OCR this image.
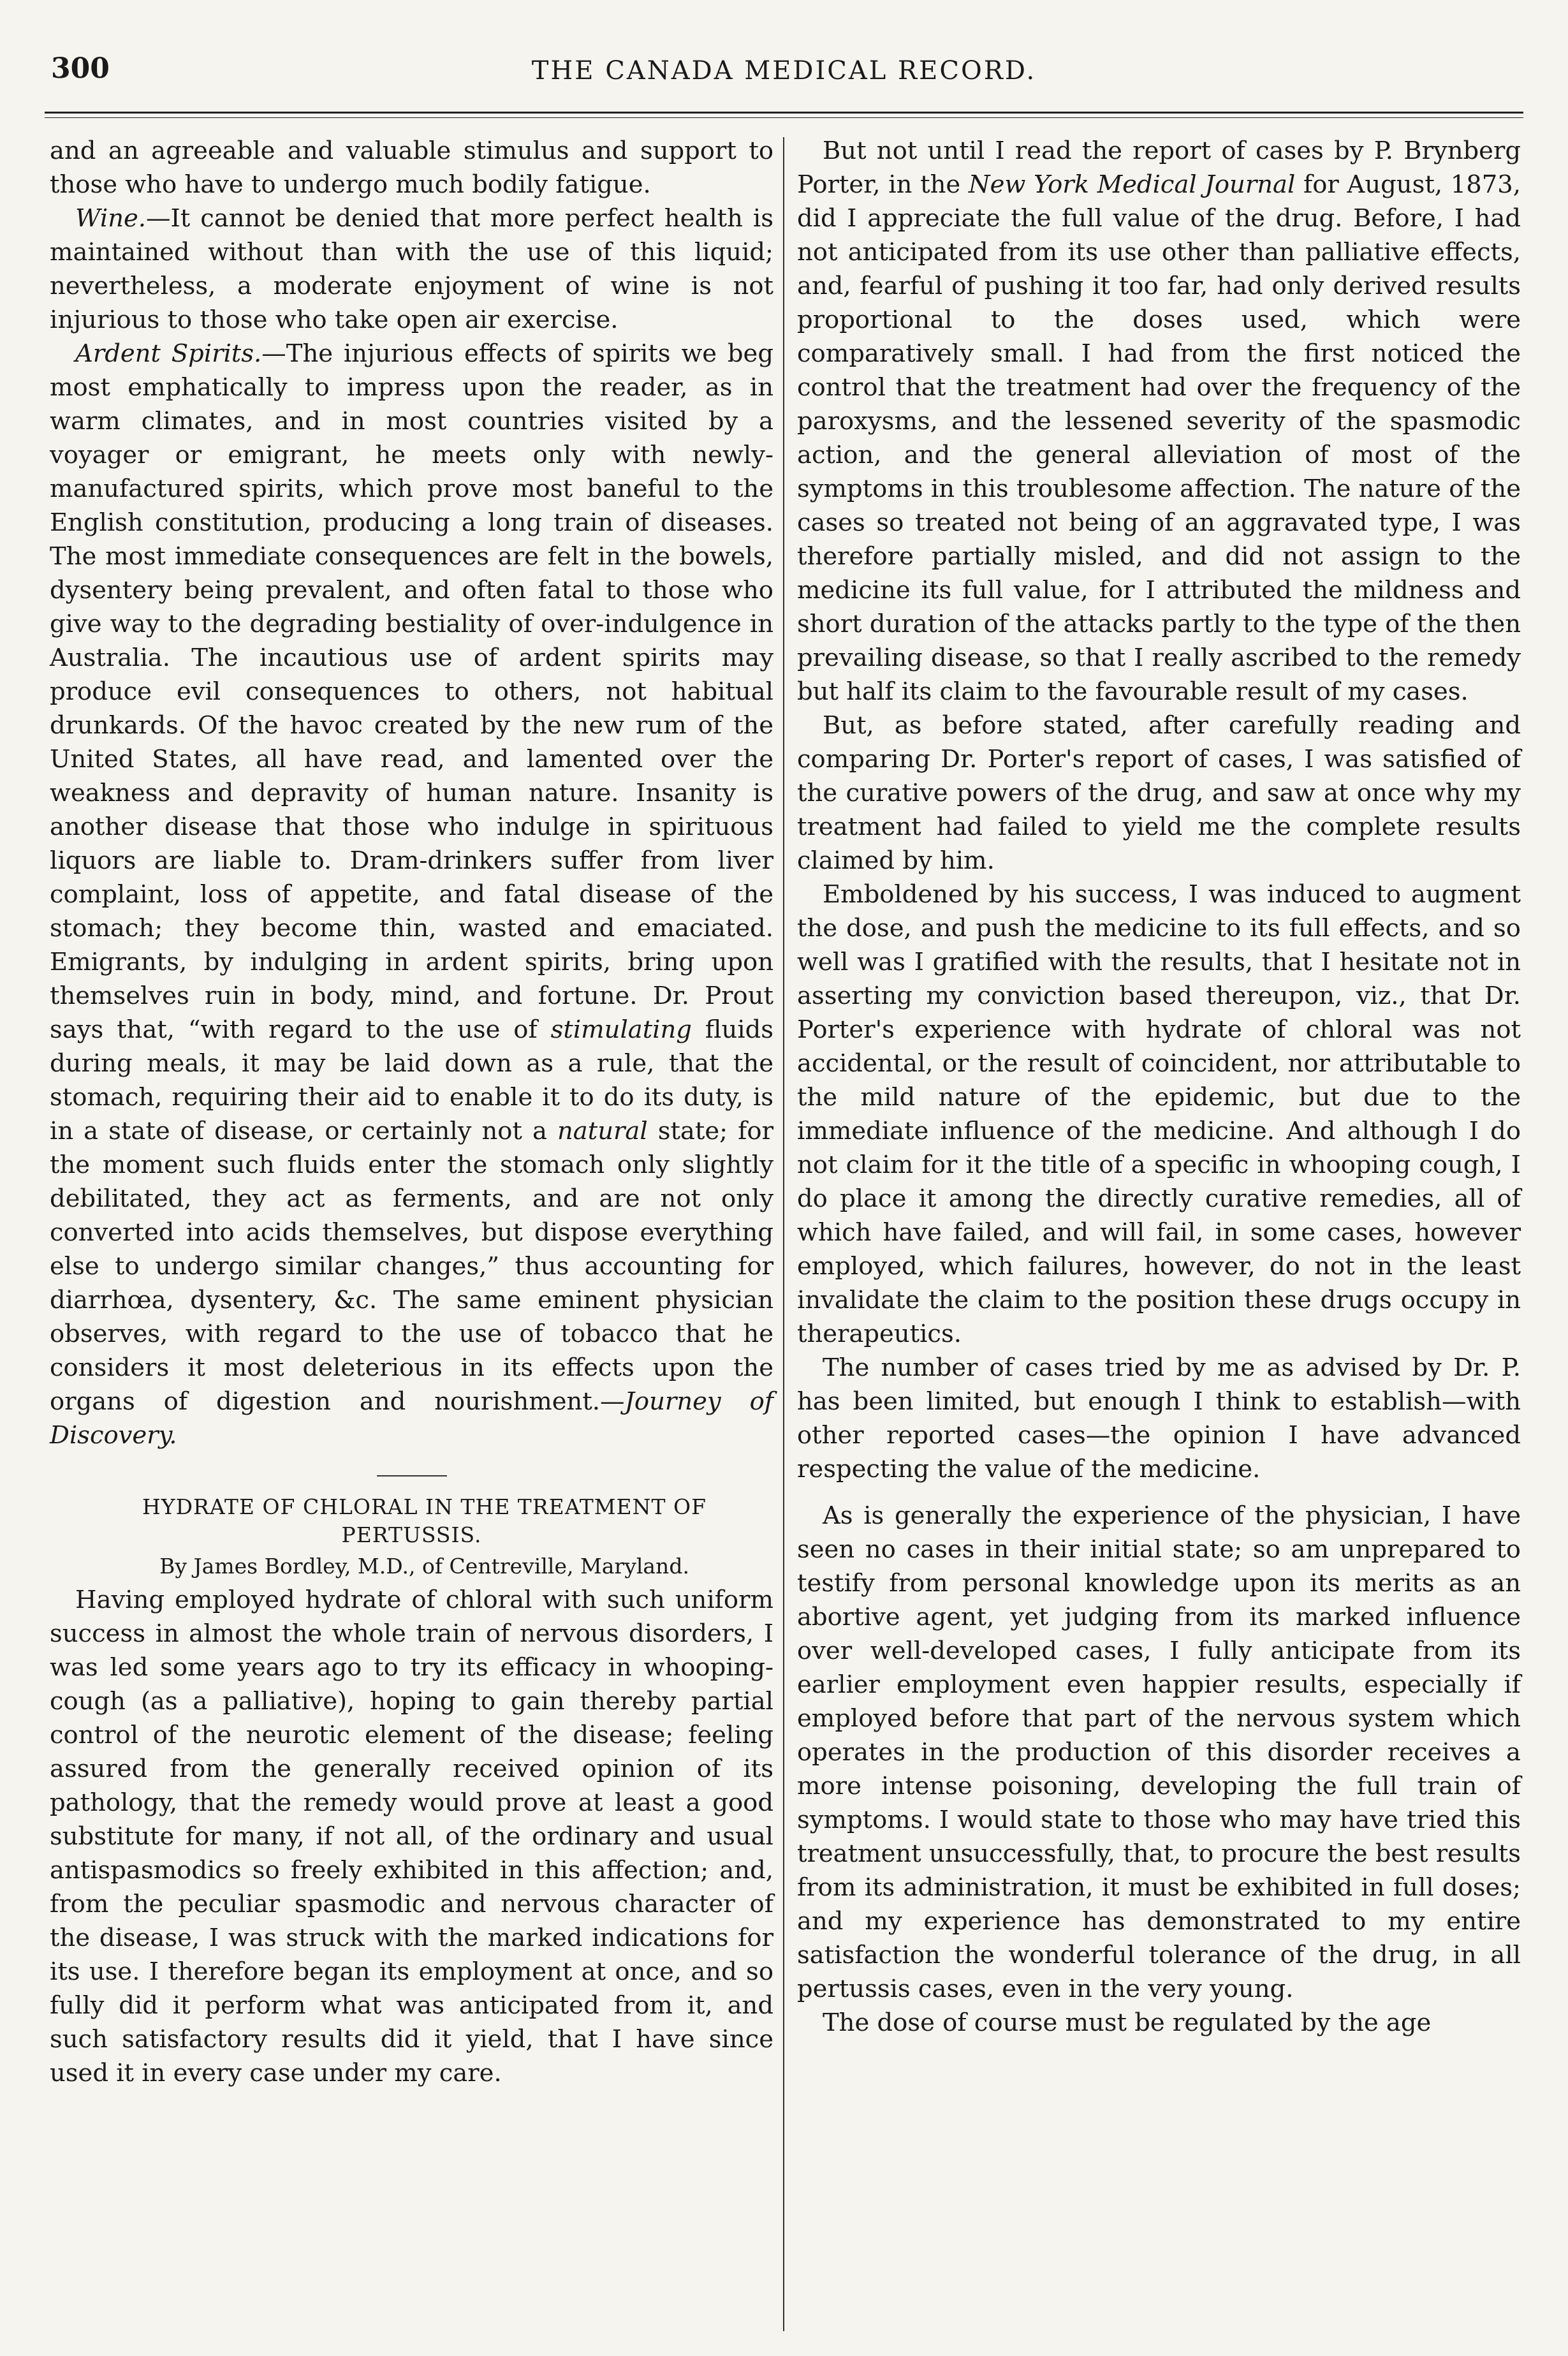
300	THE CANADA MEDICAL RECORD.

and an agreeable and valuable stimulus and support to those who have to undergo much bodily fatigue.

Wine.—It cannot be denied that more perfect health is maintained without than with the use of this liquid; nevertheless, a moderate enjoyment of wine is not injurious to those who take open air exercise.

Ardent Spirits.—The injurious effects of spirits we beg most emphatically to impress upon the reader, as in warm climates, and in most countries visited by a voyager or emigrant, he meets only with newly-manufactured spirits, which prove most baneful to the English constitution, producing a long train of diseases. The most immediate consequences are felt in the bowels, dysentery being prevalent, and often fatal to those who give way to the degrading bestiality of over-indulgence in Australia. The incautious use of ardent spirits may produce evil consequences to others, not habitual drunkards. Of the havoc created by the new rum of the United States, all have read, and lamented over the weakness and depravity of human nature. Insanity is another disease that those who indulge in spirituous liquors are liable to. Dram-drinkers suffer from liver complaint, loss of appetite, and fatal disease of the stomach; they become thin, wasted and emaciated. Emigrants, by indulging in ardent spirits, bring upon themselves ruin in body, mind, and fortune. Dr. Prout says that, “with regard to the use of stimulating fluids during meals, it may be laid down as a rule, that the stomach, requiring their aid to enable it to do its duty, is in a state of disease, or certainly not a natural state; for the moment such fluids enter the stomach only slightly debilitated, they act as ferments, and are not only converted into acids themselves, but dispose everything else to undergo similar changes,” thus accounting for diarrhœa, dysentery, &c. The same eminent physician observes, with regard to the use of tobacco that he considers it most deleterious in its effects upon the organs of digestion and nourishment.—Journey of Discovery.

HYDRATE OF CHLORAL IN THE TREATMENT OF PERTUSSIS.

By James Bordley, M.D., of Centreville, Maryland.

Having employed hydrate of chloral with such uniform success in almost the whole train of nervous disorders, I was led some years ago to try its efficacy in whooping-cough (as a palliative), hoping to gain thereby partial control of the neurotic element of the disease; feeling assured from the generally received opinion of its pathology, that the remedy would prove at least a good substitute for many, if not all, of the ordinary and usual antispasmodics so freely exhibited in this affection; and, from the peculiar spasmodic and nervous character of the disease, I was struck with the marked indications for its use. I therefore began its employment at once, and so fully did it perform what was anticipated from it, and such satisfactory results did it yield, that I have since used it in every case under my care.

But not until I read the report of cases by P. Brynberg Porter, in the New York Medical Journal for August, 1873, did I appreciate the full value of the drug. Before, I had not anticipated from its use other than palliative effects, and, fearful of pushing it too far, had only derived results proportional to the doses used, which were comparatively small. I had from the first noticed the control that the treatment had over the frequency of the paroxysms, and the lessened severity of the spasmodic action, and the general alleviation of most of the symptoms in this troublesome affection. The nature of the cases so treated not being of an aggravated type, I was therefore partially misled, and did not assign to the medicine its full value, for I attributed the mildness and short duration of the attacks partly to the type of the then prevailing disease, so that I really ascribed to the remedy but half its claim to the favourable result of my cases.

But, as before stated, after carefully reading and comparing Dr. Porter's report of cases, I was satisfied of the curative powers of the drug, and saw at once why my treatment had failed to yield me the complete results claimed by him.

Emboldened by his success, I was induced to augment the dose, and push the medicine to its full effects, and so well was I gratified with the results, that I hesitate not in asserting my conviction based thereupon, viz., that Dr. Porter's experience with hydrate of chloral was not accidental, or the result of coincident, nor attributable to the mild nature of the epidemic, but due to the immediate influence of the medicine. And although I do not claim for it the title of a specific in whooping cough, I do place it among the directly curative remedies, all of which have failed, and will fail, in some cases, however employed, which failures, however, do not in the least invalidate the claim to the position these drugs occupy in therapeutics.

The number of cases tried by me as advised by Dr. P. has been limited, but enough I think to establish—with other reported cases—the opinion I have advanced respecting the value of the medicine.

As is generally the experience of the physician, I have seen no cases in their initial state; so am unprepared to testify from personal knowledge upon its merits as an abortive agent, yet judging from its marked influence over well-developed cases, I fully anticipate from its earlier employment even happier results, especially if employed before that part of the nervous system which operates in the production of this disorder receives a more intense poisoning, developing the full train of symptoms. I would state to those who may have tried this treatment unsuccessfully, that, to procure the best results from its administration, it must be exhibited in full doses; and my experience has demonstrated to my entire satisfaction the wonderful tolerance of the drug, in all pertussis cases, even in the very young.

The dose of course must be regulated by the age
